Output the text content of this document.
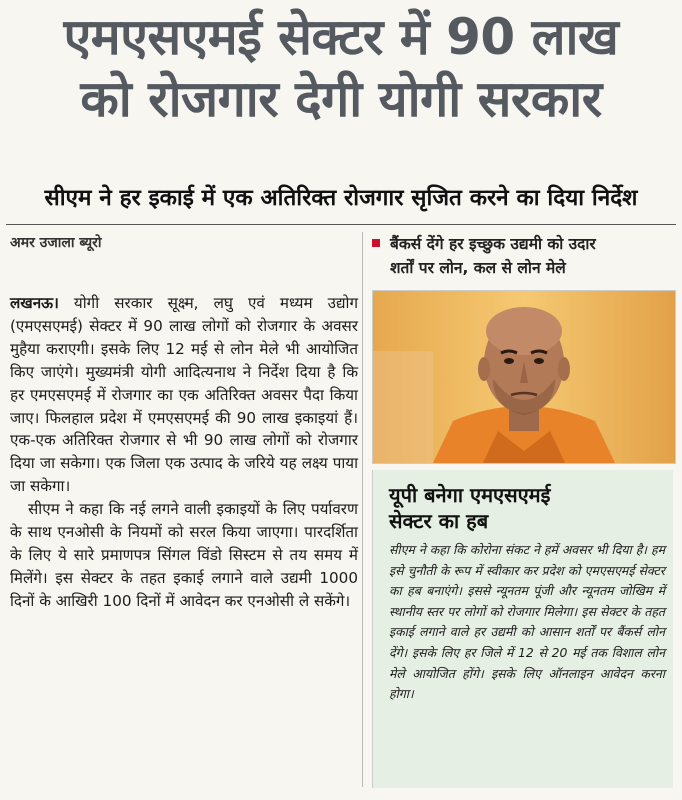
एमएसएमई सेक्टर में 90 लाख
को रोजगार देगी योगी सरकार
सीएम ने हर इकाई में एक अतिरिक्त रोजगार सृजित करने का दिया निर्देश
अमर उजाला ब्यूरो

लखनऊ। योगी सरकार सूक्ष्म, लघु एवं मध्यम उद्योग (एमएसएमई) सेक्टर में 90 लाख लोगों को रोजगार के अवसर मुहैया कराएगी। इसके लिए 12 मई से लोन मेले भी आयोजित किए जाएंगे। मुख्यमंत्री योगी आदित्यनाथ ने निर्देश दिया है कि हर एमएसएमई में रोजगार का एक अतिरिक्त अवसर पैदा किया जाए। फिलहाल प्रदेश में एमएसएमई की 90 लाख इकाइयां हैं। एक-एक अतिरिक्त रोजगार से भी 90 लाख लोगों को रोजगार दिया जा सकेगा। एक जिला एक उत्पाद के जरिये यह लक्ष्य पाया जा सकेगा।

सीएम ने कहा कि नई लगने वाली इकाइयों के लिए पर्यावरण के साथ एनओसी के नियमों को सरल किया जाएगा। पारदर्शिता के लिए ये सारे प्रमाणपत्र सिंगल विंडो सिस्टम से तय समय में मिलेंगे। इस सेक्टर के तहत इकाई लगाने वाले उद्यमी 1000 दिनों के आखिरी 100 दिनों में आवेदन कर एनओसी ले सकेंगे।

बैंकर्स देंगे हर इच्छुक उद्यमी को उदार
शर्तों पर लोन, कल से लोन मेले
यूपी बनेगा एमएसएमई
सेक्टर का हब
सीएम ने कहा कि कोरोना संकट ने हमें अवसर भी दिया है। हम इसे चुनौती के रूप में स्वीकार कर प्रदेश को एमएसएमई सेक्टर का हब बनाएंगे। इससे न्यूनतम पूंजी और न्यूनतम जोखिम में स्थानीय स्तर पर लोगों को रोजगार मिलेगा। इस सेक्टर के तहत इकाई लगाने वाले हर उद्यमी को आसान शर्तों पर बैंकर्स लोन देंगे। इसके लिए हर जिले में 12 से 20 मई तक विशाल लोन मेले आयोजित होंगे। इसके लिए ऑनलाइन आवेदन करना होगा।
